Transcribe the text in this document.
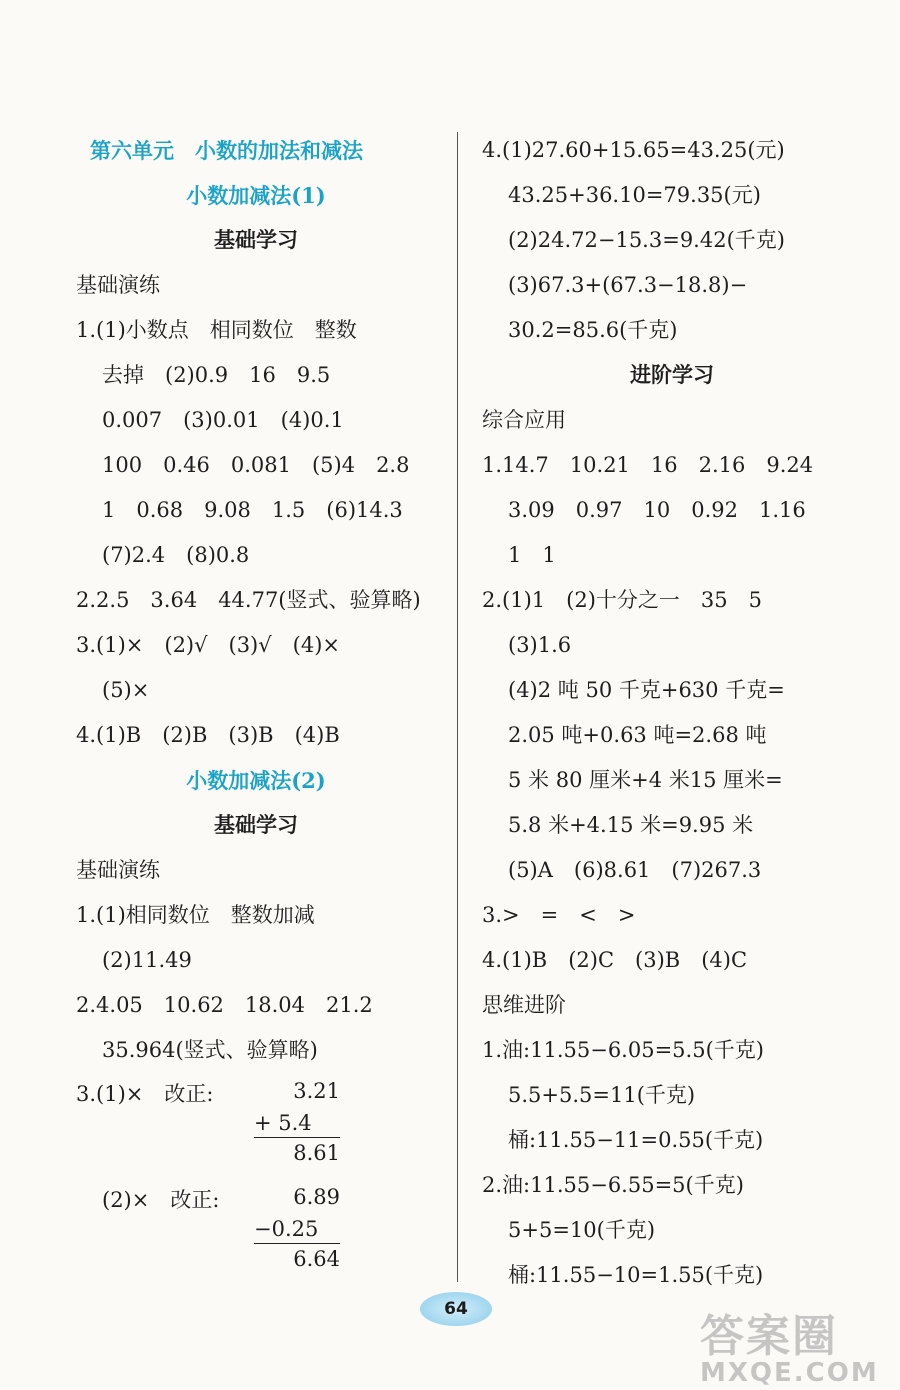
第六单元　小数的加法和减法
小数加减法(1)
基础学习
基础演练
1.(1)小数点　相同数位　整数
去掉　(2)0.9　16　9.5
0.007　(3)0.01　(4)0.1
100　0.46　0.081　(5)4　2.8
1　0.68　9.08　1.5　(6)14.3
(7)2.4　(8)0.8
2.2.5　3.64　44.77(竖式、验算略)
3.(1)×　(2)√　(3)√　(4)×
(5)×
4.(1)B　(2)B　(3)B　(4)B
小数加减法(2)
基础学习
基础演练
1.(1)相同数位　整数加减
(2)11.49
2.4.05　10.62　18.04　21.2
35.964(竖式、验算略)
3.(1)×　改正:	3.21
+ 5.4
8.61
(2)×　改正:	6.89
−0.25
6.64
4.(1)27.60+15.65=43.25(元)
43.25+36.10=79.35(元)
(2)24.72−15.3=9.42(千克)
(3)67.3+(67.3−18.8)−
30.2=85.6(千克)
进阶学习
综合应用
1.14.7　10.21　16　2.16　9.24
3.09　0.97　10　0.92　1.16
1　1
2.(1)1　(2)十分之一　35　5
(3)1.6
(4)2 吨 50 千克+630 千克=
2.05 吨+0.63 吨=2.68 吨
5 米 80 厘米+4 米15 厘米=
5.8 米+4.15 米=9.95 米
(5)A　(6)8.61　(7)267.3
3.>　=　<　>
4.(1)B　(2)C　(3)B　(4)C
思维进阶
1.油:11.55−6.05=5.5(千克)
5.5+5.5=11(千克)
桶:11.55−11=0.55(千克)
2.油:11.55−6.55=5(千克)
5+5=10(千克)
桶:11.55−10=1.55(千克)
64
答案圈
MXQE.COM
